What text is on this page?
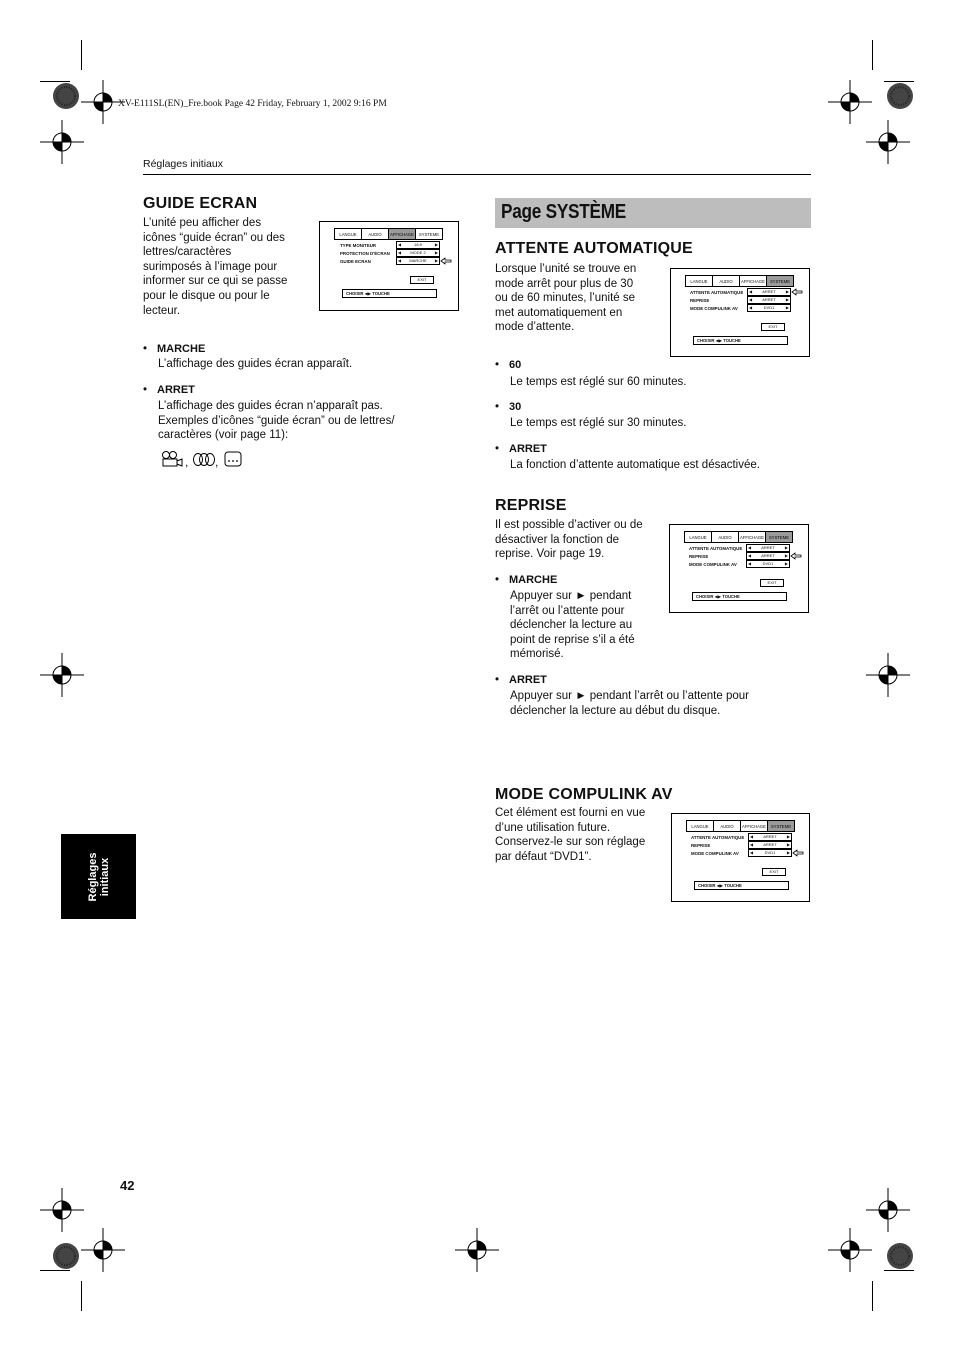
XV-E111SL(EN)_Fre.book Page 42 Friday, February 1, 2002 9:16 PM
Réglages initiaux
GUIDE ECRAN
L’unité peu afficher des
icônes “guide écran” ou des
lettres/caractères
surimposés à l’image pour
informer sur ce qui se passe
pour le disque ou pour le
lecteur.
LANGUE	AUDIO	AFFICHAGE	SYSTEME
TYPE MONITEUR	◀	16:9	▶
PROTECTION D'ÉCRAN ◀ MODE 2 ▶
GUIDE ECRAN	◀ MARCHE ▶
EXIT
CHOISIR ◀▶ TOUCHE
• MARCHE
L’affichage des guides écran apparaît.
• ARRET
L’affichage des guides écran n’apparaît pas.
Exemples d’icônes “guide écran” ou de lettres/
caractères (voir page 11):
, ,
Réglages initiaux
42
Page SYSTÈME
ATTENTE AUTOMATIQUE
Lorsque l’unité se trouve en
mode arrêt pour plus de 30
ou de 60 minutes, l’unité se
met automatiquement en
mode d’attente.
LANGUE	AUDIO	AFFICHAGE	SYSTEME
ATTENTE AUTOMATIQUE ◀	ARRET	▶
REPRISE	◀	ARRET	▶
MODE COMPULINK AV	◀	DVD1	▶
EXIT
CHOISIR ◀▶ TOUCHE
• 60
Le temps est réglé sur 60 minutes.
• 30
Le temps est réglé sur 30 minutes.
• ARRET
La fonction d’attente automatique est désactivée.
REPRISE
Il est possible d’activer ou de
désactiver la fonction de
reprise. Voir page 19.
LANGUE	AUDIO	AFFICHAGE	SYSTEME
ATTENTE AUTOMATIQUE ◀	ARRET	▶
REPRISE	◀	ARRET	▶
MODE COMPULINK AV	◀	DVD1	▶
EXIT
CHOISIR ◀▶ TOUCHE
• MARCHE
Appuyer sur ► pendant
l’arrêt ou l’attente pour
déclencher la lecture au
point de reprise s’il a été
mémorisé.
• ARRET
Appuyer sur ► pendant l’arrêt ou l’attente pour
déclencher la lecture au début du disque.
MODE COMPULINK AV
Cet élément est fourni en vue
d’une utilisation future.
Conservez-le sur son réglage
par défaut “DVD1”.
LANGUE	AUDIO	AFFICHAGE	SYSTEME
ATTENTE AUTOMATIQUE ◀	ARRET	▶
REPRISE	◀	ARRET	▶
MODE COMPULINK AV	◀	DVD1	▶
EXIT
CHOISIR ◀▶ TOUCHE
